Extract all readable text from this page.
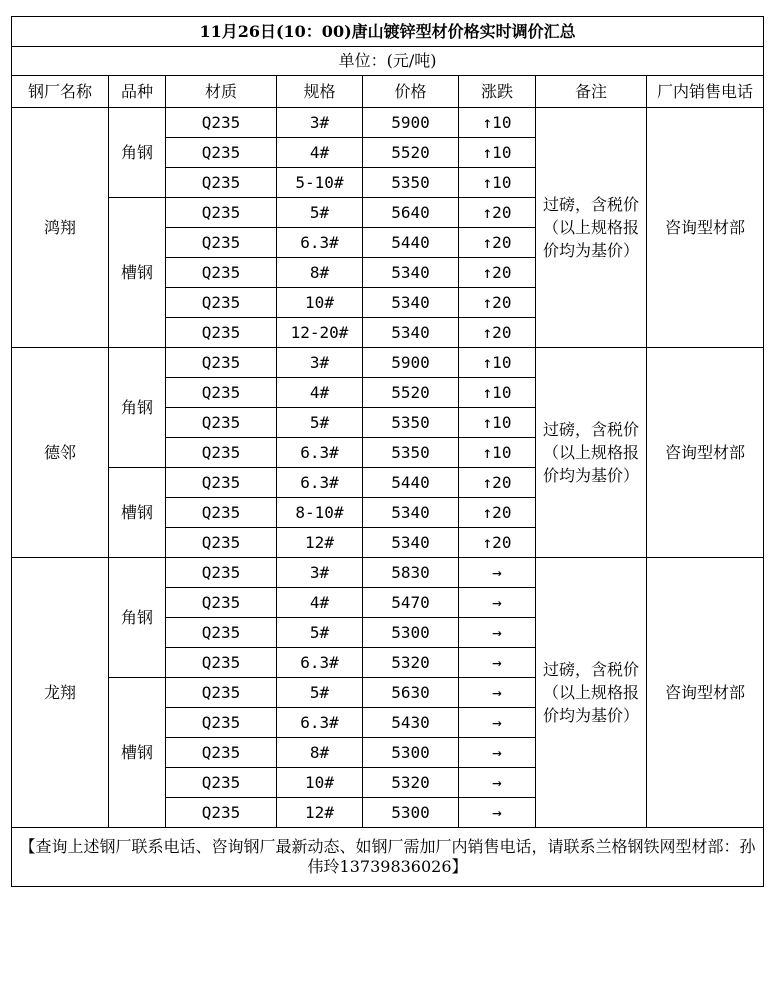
11月26日(10：00)唐山镀锌型材价格实时调价汇总							
单位：(元/吨)							
钢厂名称	品种	材质	规格	价格	涨跌	备注	厂内销售电话
鸿翔	角钢	Q235	3#	5900	↑10	过磅，含税价（以上规格报价均为基价）	咨询型材部
		Q235	4#	5520	↑10		
		Q235	5-10#	5350	↑10		
	槽钢	Q235	5#	5640	↑20		
		Q235	6.3#	5440	↑20		
		Q235	8#	5340	↑20		
		Q235	10#	5340	↑20		
		Q235	12-20#	5340	↑20		
德邻	角钢	Q235	3#	5900	↑10	过磅，含税价（以上规格报价均为基价）	咨询型材部
		Q235	4#	5520	↑10		
		Q235	5#	5350	↑10		
		Q235	6.3#	5350	↑10		
	槽钢	Q235	6.3#	5440	↑20		
		Q235	8-10#	5340	↑20		
		Q235	12#	5340	↑20		
龙翔	角钢	Q235	3#	5830	→	过磅，含税价（以上规格报价均为基价）	咨询型材部
		Q235	4#	5470	→		
		Q235	5#	5300	→		
		Q235	6.3#	5320	→		
	槽钢	Q235	5#	5630	→		
		Q235	6.3#	5430	→		
		Q235	8#	5300	→		
		Q235	10#	5320	→		
		Q235	12#	5300	→		
【查询上述钢厂联系电话、咨询钢厂最新动态、如钢厂需加厂内销售电话，请联系兰格钢铁网型材部：孙伟玲13739836026】							
